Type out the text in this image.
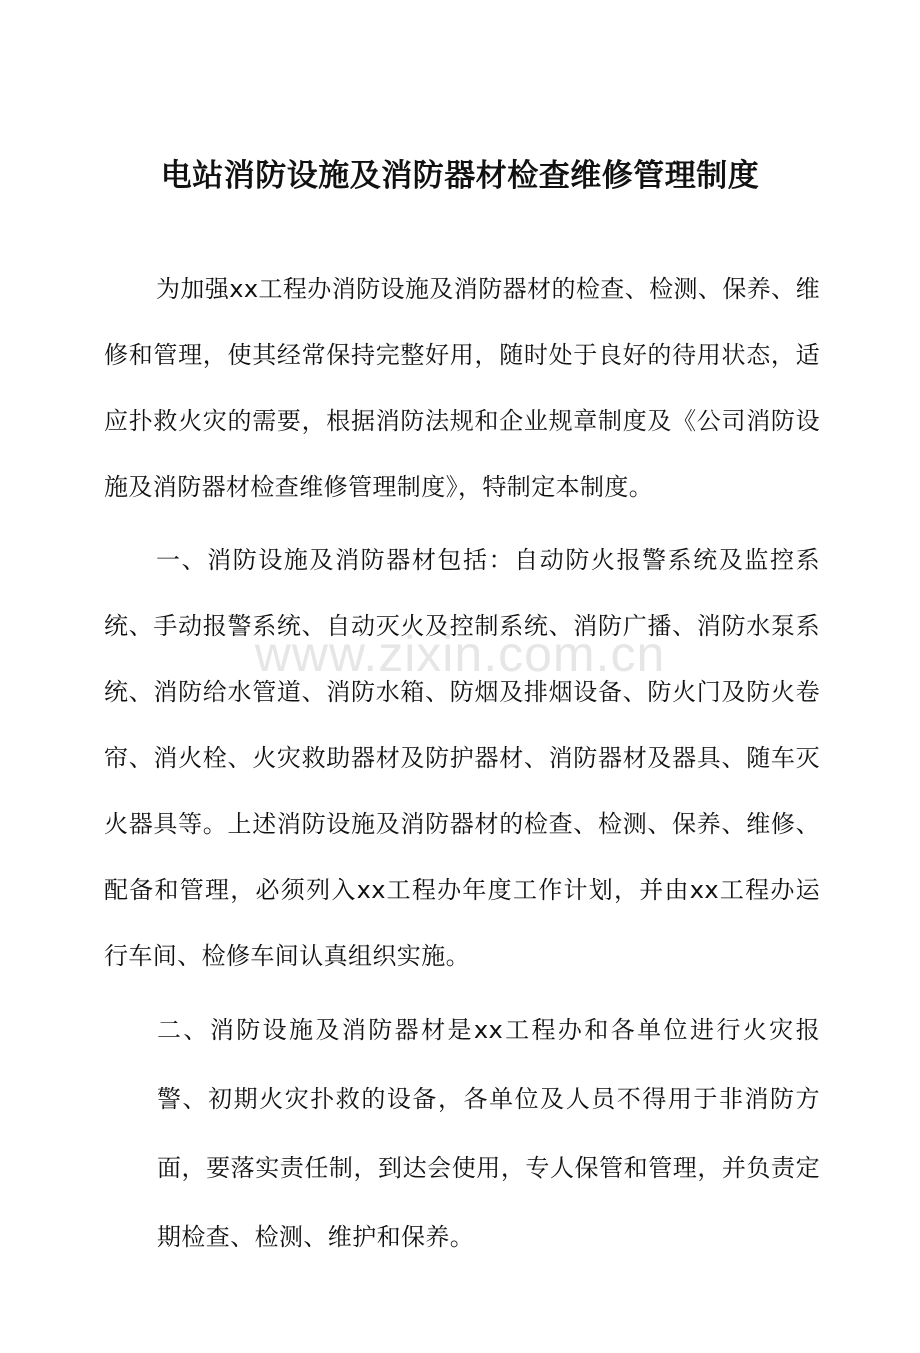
电站消防设施及消防器材检查维修管理制度

为加强xx工程办消防设施及消防器材的检查、检测、保养、维修和管理，使其经常保持完整好用，随时处于良好的待用状态，适应扑救火灾的需要，根据消防法规和企业规章制度及《公司消防设施及消防器材检查维修管理制度》，特制定本制度。

一、消防设施及消防器材包括：自动防火报警系统及监控系统、手动报警系统、自动灭火及控制系统、消防广播、消防水泵系统、消防给水管道、消防水箱、防烟及排烟设备、防火门及防火卷帘、消火栓、火灾救助器材及防护器材、消防器材及器具、随车灭火器具等。上述消防设施及消防器材的检查、检测、保养、维修、配备和管理，必须列入xx工程办年度工作计划，并由xx工程办运行车间、检修车间认真组织实施。

二、消防设施及消防器材是xx工程办和各单位进行火灾报警、初期火灾扑救的设备，各单位及人员不得用于非消防方面，要落实责任制，到达会使用，专人保管和管理，并负责定期检查、检测、维护和保养。

www.zixin.com.cn
